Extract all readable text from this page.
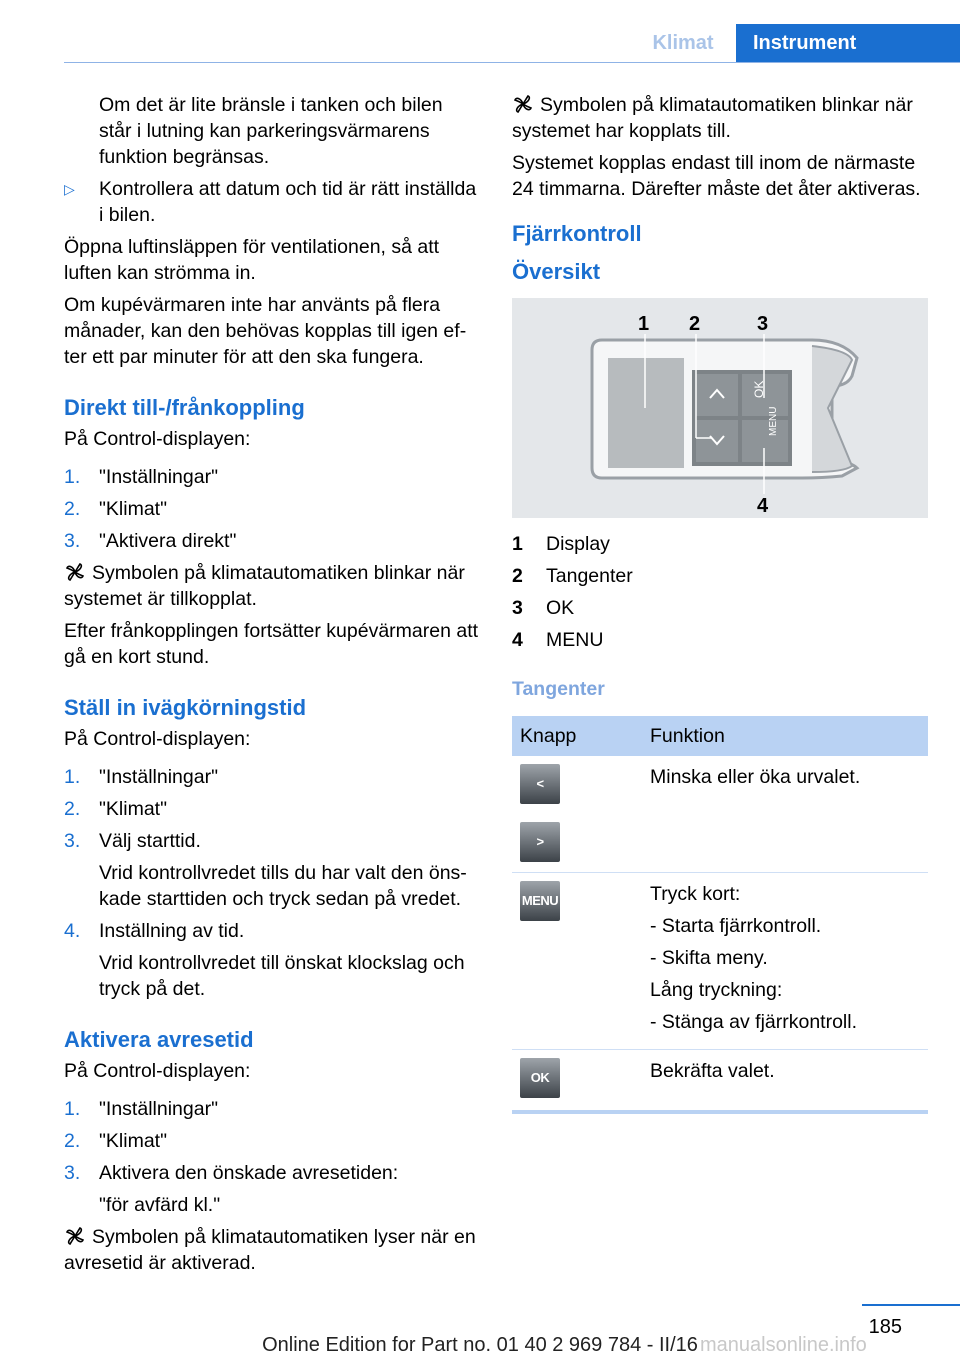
Klimat	Instrument

Om det är lite bränsle i tanken och bilen står i lutning kan parkeringsvärmarens funktion begränsas.

▷ Kontrollera att datum och tid är rätt inställda i bilen.

Öppna luftinsläppen för ventilationen, så att luften kan strömma in.

Om kupévärmaren inte har använts på flera månader, kan den behövas kopplas till igen efter ett par minuter för att den ska fungera.

Direkt till-/frånkoppling

På Control-displayen:

1. "Inställningar"
2. "Klimat"
3. "Aktivera direkt"

Symbolen på klimatautomatiken blinkar när systemet är tillkopplat.

Efter frånkopplingen fortsätter kupévärmaren att gå en kort stund.

Ställ in ivägkörningstid

På Control-displayen:

1. "Inställningar"
2. "Klimat"
3. Välj starttid.

Vrid kontrollvredet tills du har valt den önskade starttiden och tryck sedan på vredet.

4. Inställning av tid.

Vrid kontrollvredet till önskat klockslag och tryck på det.

Aktivera avresetid

På Control-displayen:

1. "Inställningar"
2. "Klimat"
3. Aktivera den önskade avresetiden:

"för avfärd kl."

Symbolen på klimatautomatiken lyser när en avresetid är aktiverad.

Symbolen på klimatautomatiken blinkar när systemet har kopplats till.

Systemet kopplas endast till inom de närmaste 24 timmarna. Därefter måste det åter aktiveras.

Fjärrkontroll
Översikt
OK
MENU
1 2	3
4
1	Display
2	Tangenter
3	OK
4	MENU
Tangenter
Knapp	Funktion

<
>	Minska eller öka urvalet.

MENU	Tryck kort:

- Starta fjärrkontroll.

- Skifta meny.

Lång tryckning:

- Stänga av fjärrkontroll.

OK	Bekräfta valet.

185
Online Edition for Part no. 01 40 2 969 784 - II/16 manualsonline.info
